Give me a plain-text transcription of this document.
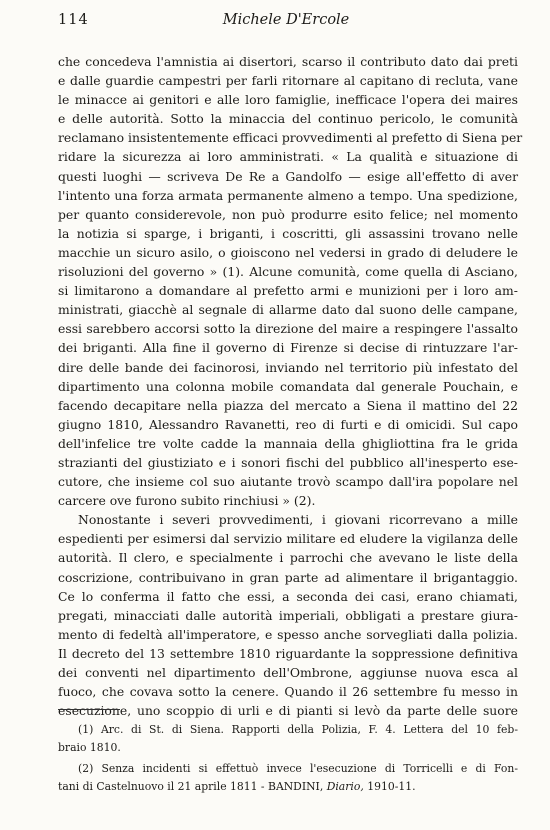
114	Michele D'Ercole
che concedeva l'amnistia ai disertori, scarso il contributo dato dai preti
e dalle guardie campestri per farli ritornare al capitano di recluta, vane
le minacce ai genitori e alle loro famiglie, inefficace l'opera dei maires
e delle autorità. Sotto la minaccia del continuo pericolo, le comunità
reclamano insistentemente efficaci provvedimenti al prefetto di Siena per
ridare la sicurezza ai loro amministrati. « La qualità e situazione di
questi luoghi — scriveva De Re a Gandolfo — esige all'effetto di aver
l'intento una forza armata permanente almeno a tempo. Una spedizione,
per quanto considerevole, non può produrre esito felice; nel momento
la notizia si sparge, i briganti, i coscritti, gli assassini trovano nelle
macchie un sicuro asilo, o gioiscono nel vedersi in grado di deludere le
risoluzioni del governo » (1). Alcune comunità, come quella di Asciano,
si limitarono a domandare al prefetto armi e munizioni per i loro am-
ministrati, giacchè al segnale di allarme dato dal suono delle campane,
essi sarebbero accorsi sotto la direzione del maire a respingere l'assalto
dei briganti. Alla fine il governo di Firenze si decise di rintuzzare l'ar-
dire delle bande dei facinorosi, inviando nel territorio più infestato del
dipartimento una colonna mobile comandata dal generale Pouchain, e
facendo decapitare nella piazza del mercato a Siena il mattino del 22
giugno 1810, Alessandro Ravanetti, reo di furti e di omicidi. Sul capo
dell'infelice tre volte cadde la mannaia della ghigliottina fra le grida
strazianti del giustiziato e i sonori fischi del pubblico all'inesperto ese-
cutore, che insieme col suo aiutante trovò scampo dall'ira popolare nel
carcere ove furono subito rinchiusi » (2).
Nonostante i severi provvedimenti, i giovani ricorrevano a mille
espedienti per esimersi dal servizio militare ed eludere la vigilanza delle
autorità. Il clero, e specialmente i parrochi che avevano le liste della
coscrizione, contribuivano in gran parte ad alimentare il brigantaggio.
Ce lo conferma il fatto che essi, a seconda dei casi, erano chiamati,
pregati, minacciati dalle autorità imperiali, obbligati a prestare giura-
mento di fedeltà all'imperatore, e spesso anche sorvegliati dalla polizia.
Il decreto del 13 settembre 1810 riguardante la soppressione definitiva
dei conventi nel dipartimento dell'Ombrone, aggiunse nuova esca al
fuoco, che covava sotto la cenere. Quando il 26 settembre fu messo in
esecuzione, uno scoppio di urli e di pianti si levò da parte delle suore
(1) Arc. di St. di Siena. Rapporti della Polizia, F. 4. Lettera del 10 feb-
braio 1810.
(2) Senza incidenti si effettuò invece l'esecuzione di Torricelli e di Fon-
tani di Castelnuovo il 21 aprile 1811 - BANDINI, Diario, 1910-11.
